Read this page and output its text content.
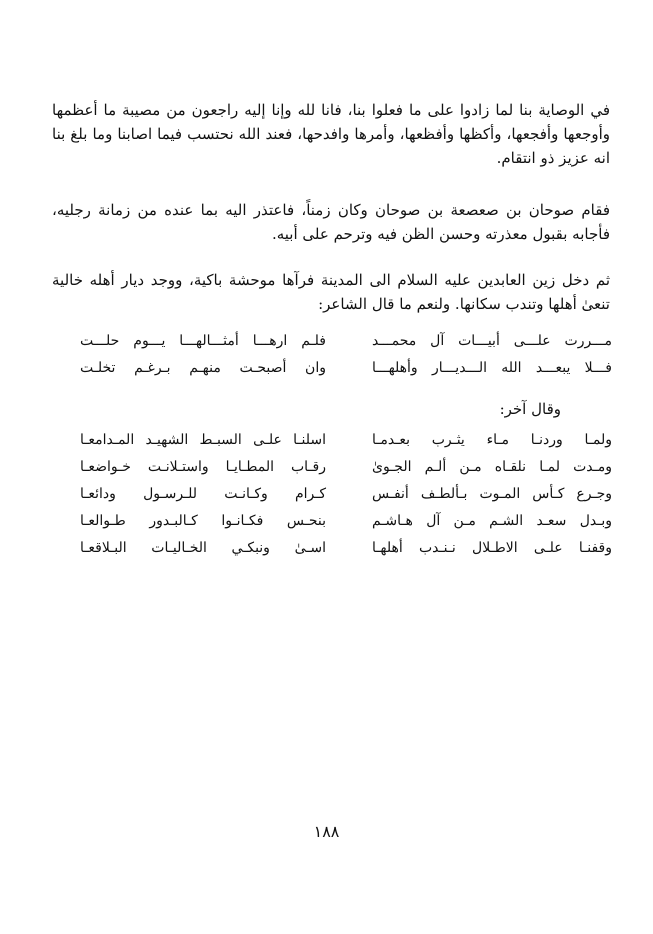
في الوصاية بنا لما زادوا على ما فعلوا بنا، فانا لله وإنا إليه راجعون من مصيبة ما أعظمها وأوجعها وأفجعها، وأكظها وأفظعها، وأمرها وافدحها، فعند الله نحتسب فيما اصابنا وما بلغ بنا انه عزيز ذو انتقام.

فقام صوحان بن صعصعة بن صوحان وكان زمناً، فاعتذر اليه بما عنده من زمانة رجليه، فأجابه بقبول معذرته وحسن الظن فيه وترحم على أبيه.

ثم دخل زين العابدين عليه السلام الى المدينة فرآها موحشة باكية، ووجد ديار أهله خالية تنعىٰ أهلها وتندب سكانها. ولنعم ما قال الشاعر:

مـــررت علـــى أبيـــات آل محمـــد
فلـم ارهـــا أمثـــالهـــا يـــوم حلـــت
فـــلا يبعـــد الله الـــديـــار وأهلهـــا
وان أصبحـت منهـم بـرغـم تخلـت
وقال آخر:
ولمـا وردنـا مـاء يثـرب بعـدمـا
اسلنـا علـى السبـط الشهيـد المـدامعـا
ومـدت لمـا نلقـاه مـن ألـم الجـوىٰ
رقـاب المطـايـا واستـلانـت خـواضعـا
وجـرع كـأس المـوت بـألطـف أنفـس
كـرام وكـانـت للـرسـول ودائعـا
وبـدل سعـد الشـم مـن آل هـاشـم
بنحـس فكـانـوا كـالبـدور طـوالعـا
وقفنـا علـى الاطـلال نـنـدب أهلهـا
اسـىٰ ونبكـي الخـاليـات البـلاقعـا
١٨٨
